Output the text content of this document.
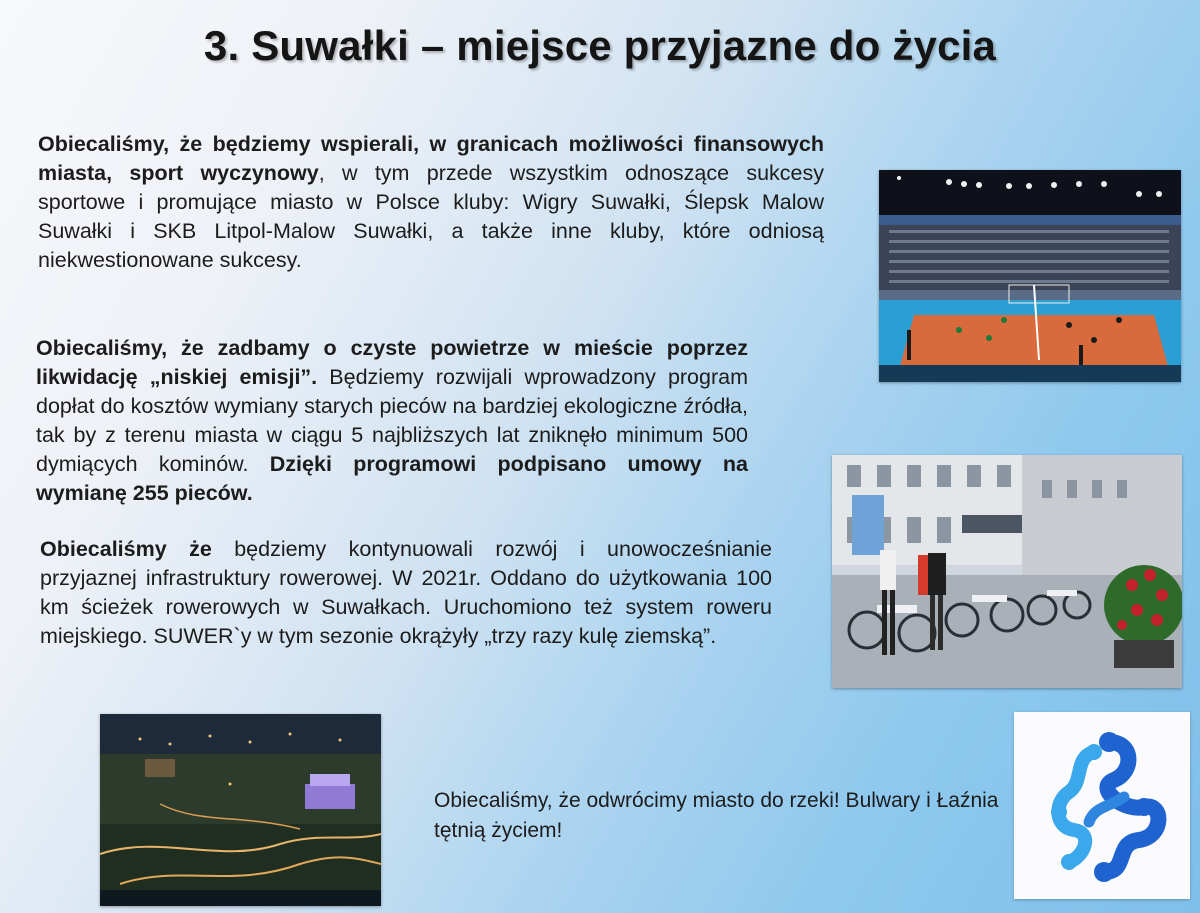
3. Suwałki – miejsce przyjazne do życia
Obiecaliśmy, że będziemy wspierali, w granicach możliwości finansowych miasta, sport wyczynowy, w tym przede wszystkim odnoszące sukcesy sportowe i promujące miasto w Polsce kluby: Wigry Suwałki, Ślepsk Malow Suwałki i SKB Litpol-Malow Suwałki, a także inne kluby, które odniosą niekwestionowane sukcesy.
Obiecaliśmy, że zadbamy o czyste powietrze w mieście poprzez likwidację „niskiej emisji”. Będziemy rozwijali wprowadzony program dopłat do kosztów wymiany starych pieców na bardziej ekologiczne źródła, tak by z terenu miasta w ciągu 5 najbliższych lat zniknęło minimum 500 dymiących kominów. Dzięki programowi podpisano umowy na wymianę 255 pieców.
Obiecaliśmy że będziemy kontynuowali rozwój i unowocześnianie przyjaznej infrastruktury rowerowej. W 2021r. Oddano do użytkowania 100 km ścieżek rowerowych w Suwałkach. Uruchomiono też system roweru miejskiego. SUWER`y w tym sezonie okrążyły „trzy razy kulę ziemską”.
Obiecaliśmy, że odwrócimy miasto do rzeki! Bulwary i Łaźnia tętnią życiem!
